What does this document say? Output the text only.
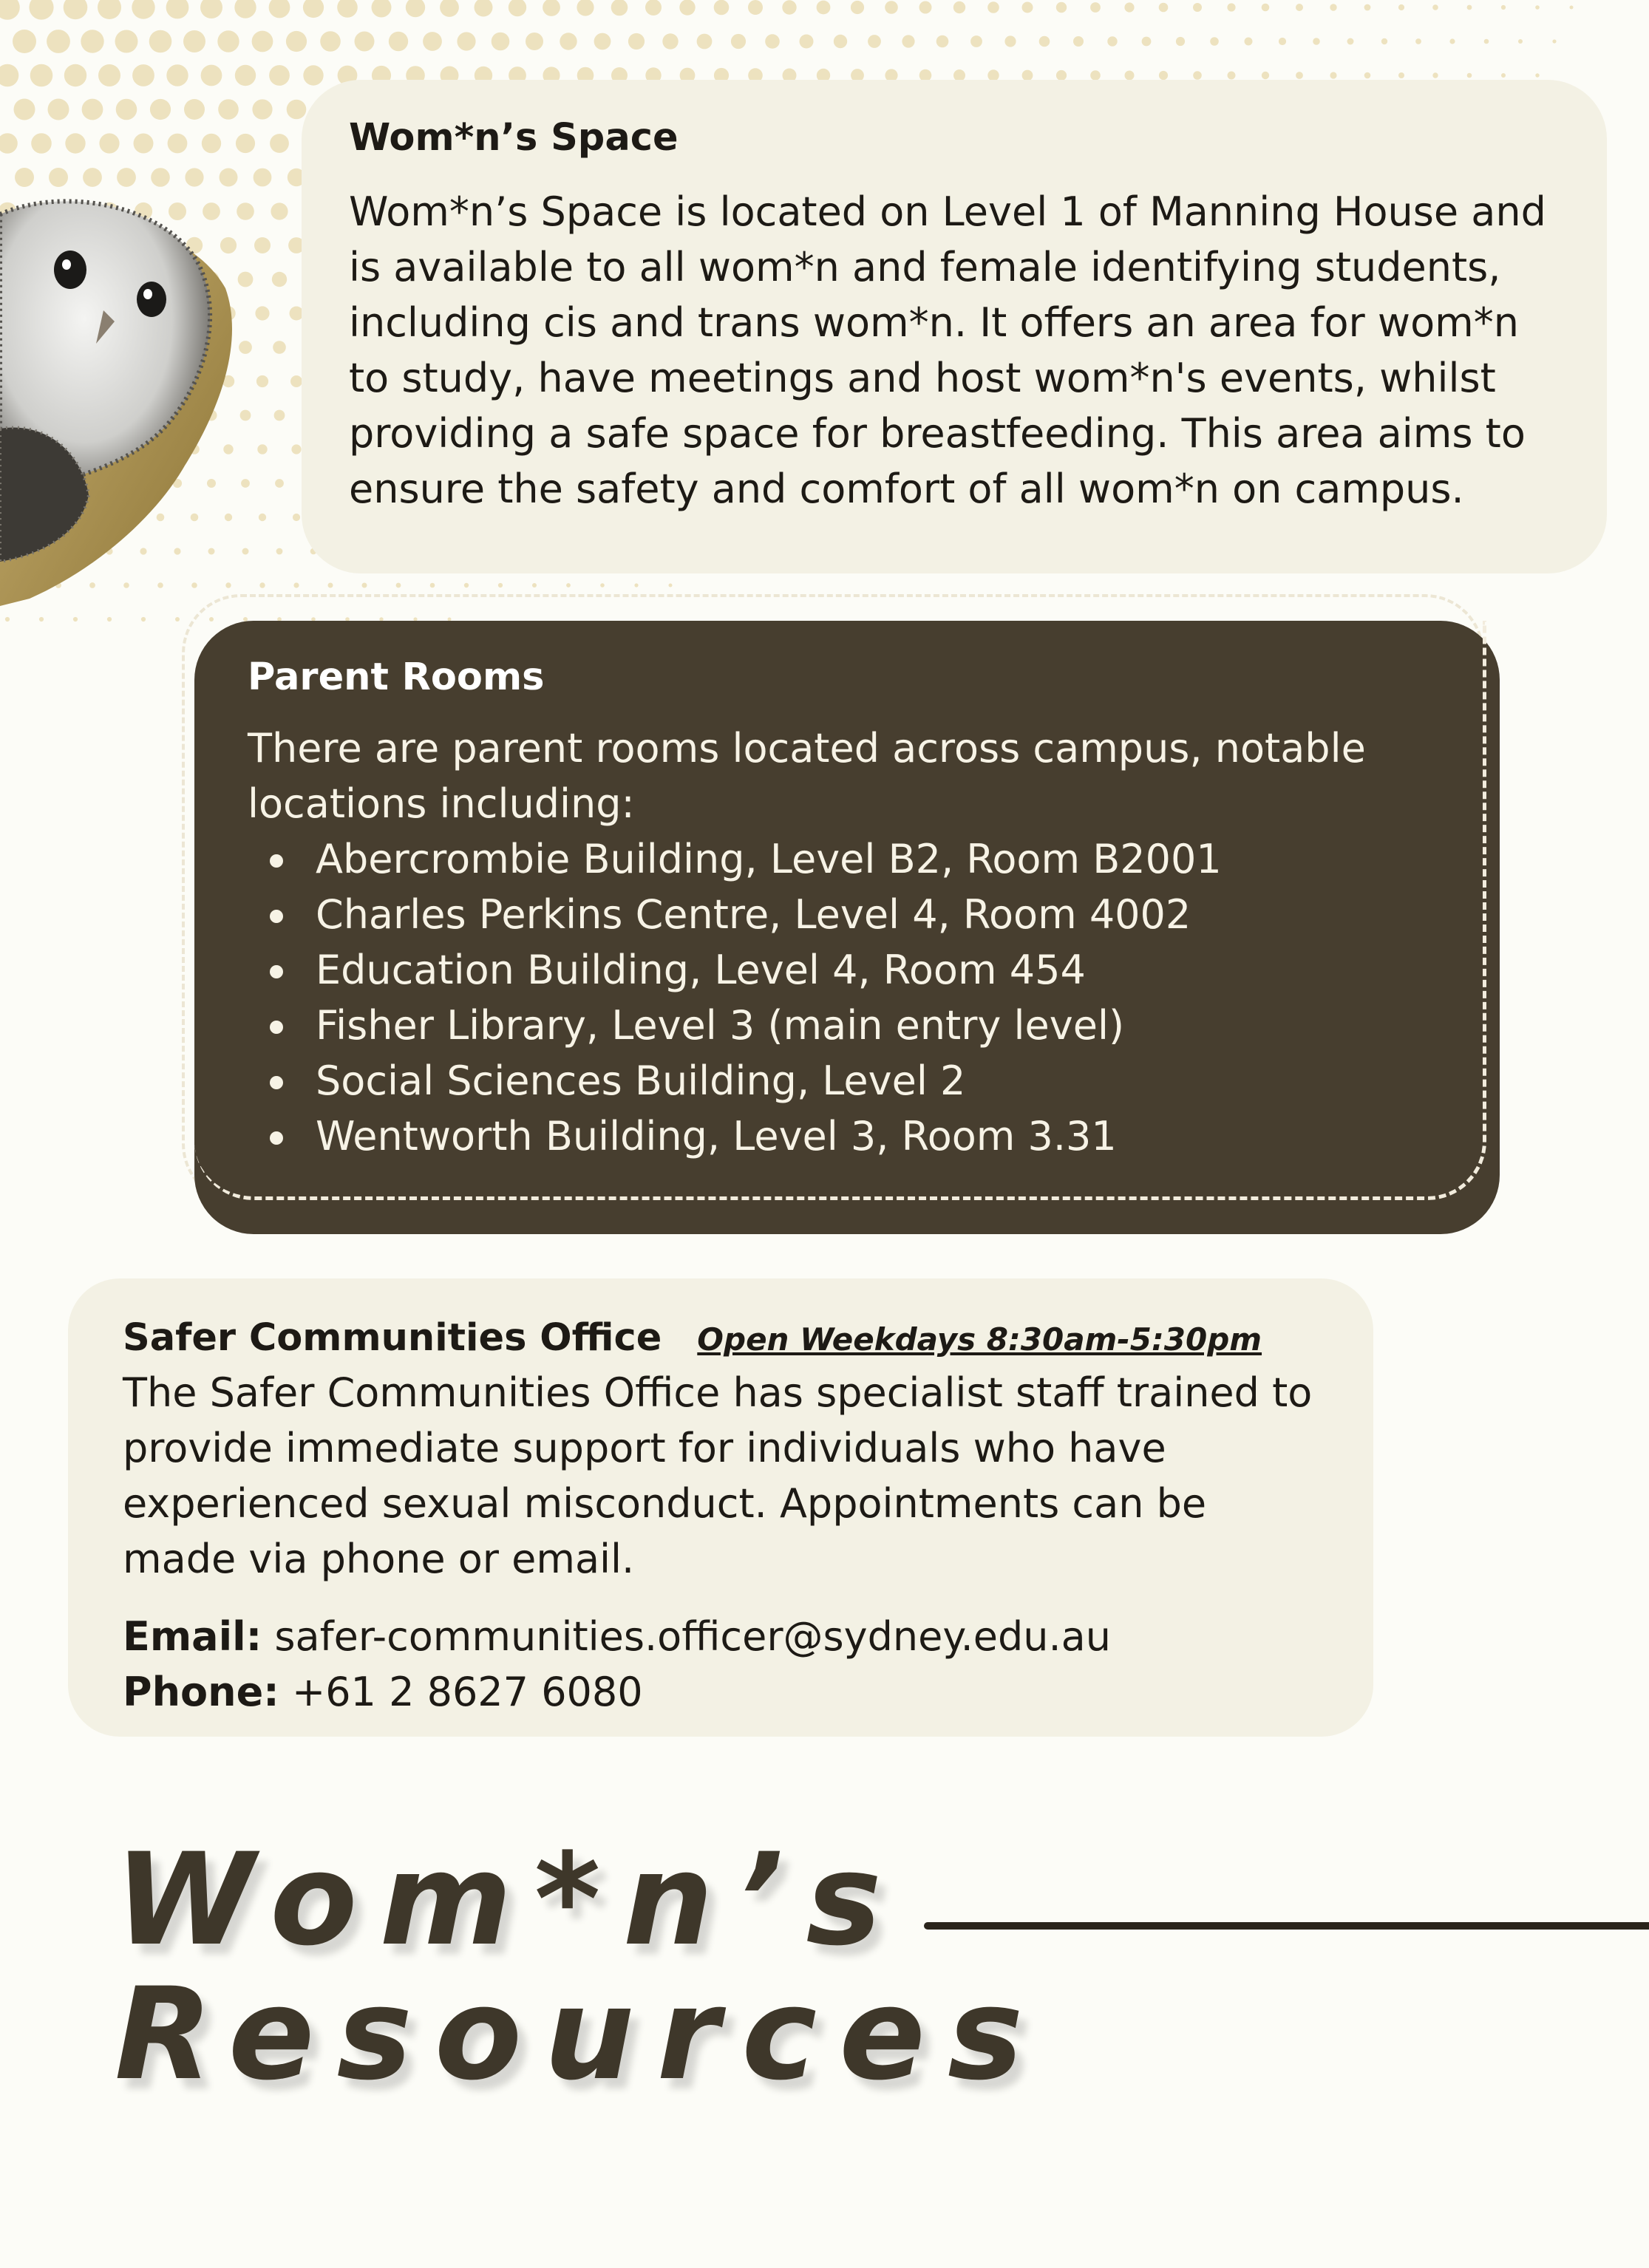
Wom*n’s Space

Wom*n’s Space is located on Level 1 of Manning House and is available to all wom*n and female identifying students, including cis and trans wom*n. It offers an area for wom*n to study, have meetings and host wom*n's events, whilst providing a safe space for breastfeeding. This area aims to ensure the safety and comfort of all wom*n on campus.

Parent Rooms

There are parent rooms located across campus, notable locations including:

Abercrombie Building, Level B2, Room B2001
Charles Perkins Centre, Level 4, Room 4002
Education Building, Level 4, Room 454
Fisher Library, Level 3 (main entry level)
Social Sciences Building, Level 2
Wentworth Building, Level 3, Room 3.31
Safer Communities Office Open Weekdays 8:30am-5:30pm

The Safer Communities Office has specialist staff trained to provide immediate support for individuals who have experienced sexual misconduct. Appointments can be made via phone or email.

Email: safer-communities.officer@sydney.edu.au
Phone: +61 2 8627 6080
Wom*n’s
Resources
